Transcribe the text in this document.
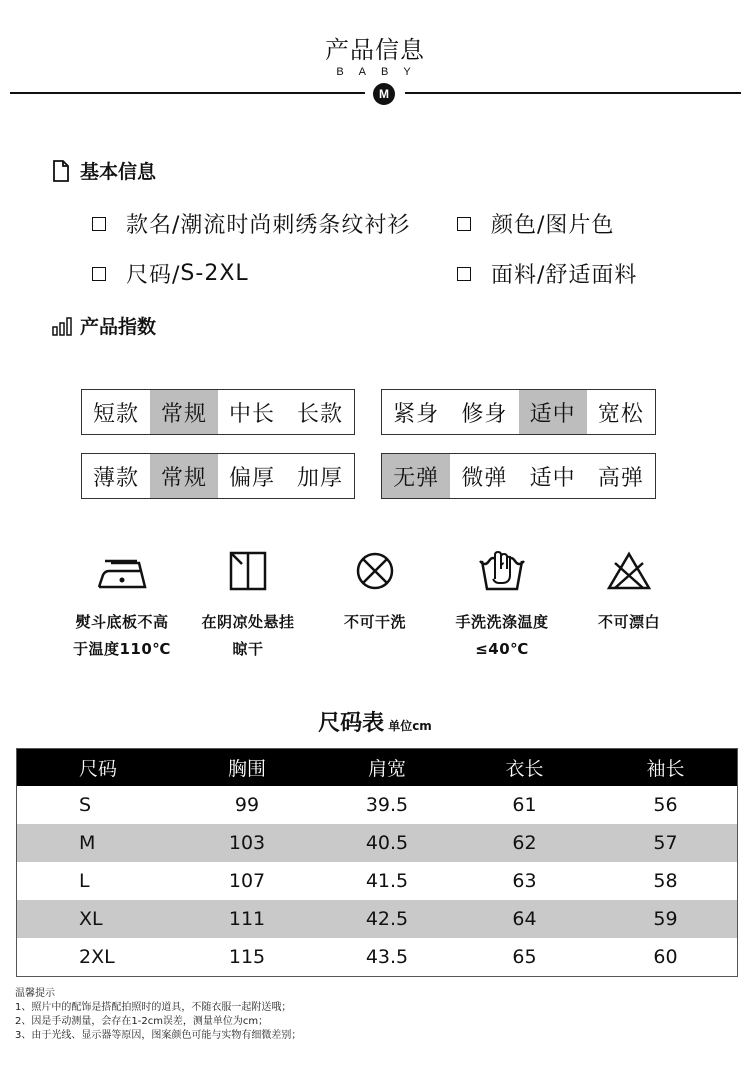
产品信息
BABY
M
基本信息
款名/ 潮流时尚刺绣条纹衬衫	颜色/ 图片色
尺码/ S-2XL	面料/ 舒适面料
产品指数
短款 常规 中长 长款	紧身	修身	适中	宽松
薄款 常规 偏厚 加厚	无弹	微弹	适中	高弹
熨斗底板不高
于温度110℃
在阴凉处悬挂
晾干
不可干洗	手洗洗涤温度
≤40℃
不可漂白
尺码表 单位cm
尺码	胸围	肩宽	衣长	袖长
S	99	39.5	61	56
M	103	40.5	62	57
L	107	41.5	63	58
XL	111	42.5	64	59
2XL	115	43.5	65	60
温馨提示
1、照片中的配饰是搭配拍照时的道具，不随衣服一起附送哦；
2、因是手动测量，会存在1-2cm误差，测量单位为cm；
3、由于光线、显示器等原因，图案颜色可能与实物有细微差别；
